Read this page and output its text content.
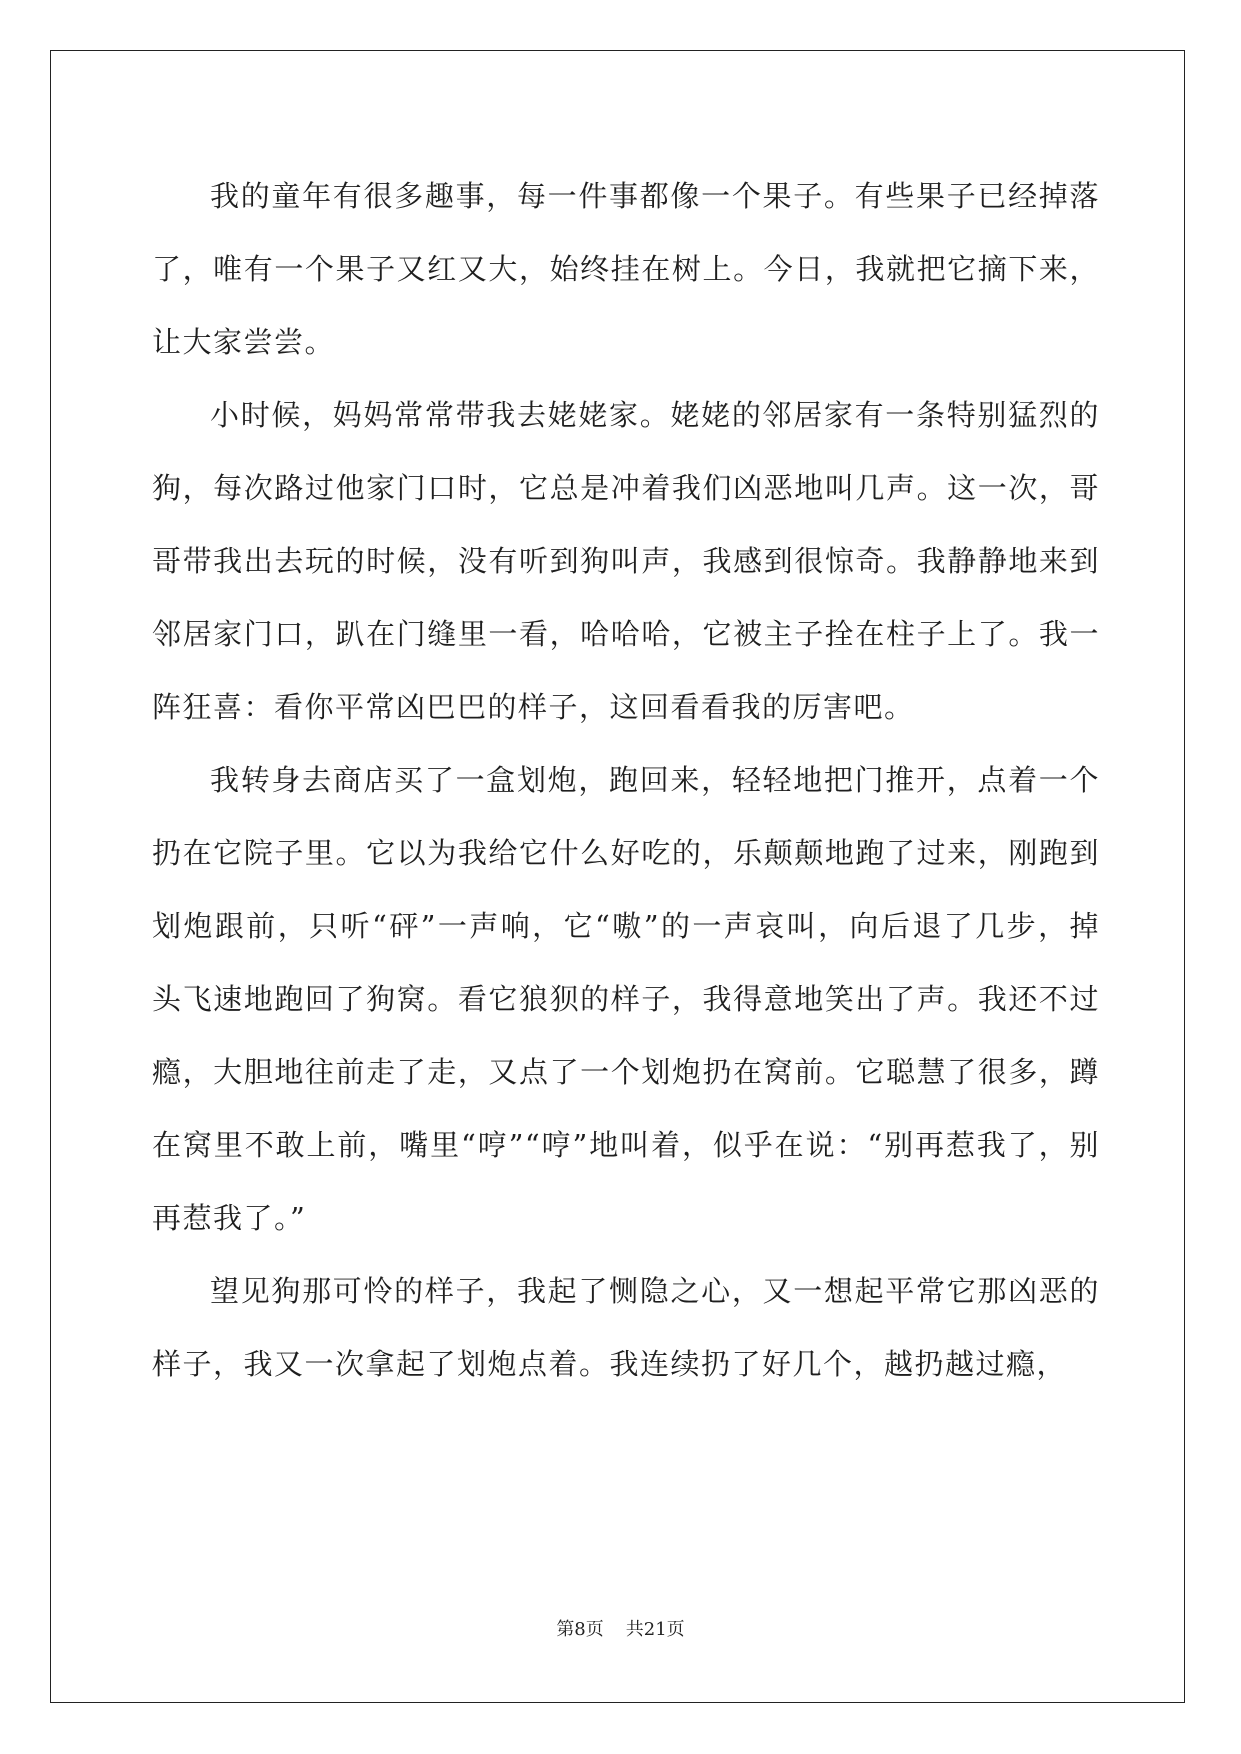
我的童年有很多趣事，每一件事都像一个果子。有些果子已经掉落了，唯有一个果子又红又大，始终挂在树上。今日，我就把它摘下来，让大家尝尝。

小时候，妈妈常常带我去姥姥家。姥姥的邻居家有一条特别猛烈的狗，每次路过他家门口时，它总是冲着我们凶恶地叫几声。这一次，哥哥带我出去玩的时候，没有听到狗叫声，我感到很惊奇。我静静地来到邻居家门口，趴在门缝里一看，哈哈哈，它被主子拴在柱子上了。我一阵狂喜：看你平常凶巴巴的样子，这回看看我的厉害吧。

我转身去商店买了一盒划炮，跑回来，轻轻地把门推开，点着一个扔在它院子里。它以为我给它什么好吃的，乐颠颠地跑了过来，刚跑到划炮跟前，只听“砰”一声响，它“嗷”的一声哀叫，向后退了几步，掉头飞速地跑回了狗窝。看它狼狈的样子，我得意地笑出了声。我还不过瘾，大胆地往前走了走，又点了一个划炮扔在窝前。它聪慧了很多，蹲在窝里不敢上前，嘴里“哼”“哼”地叫着，似乎在说：“别再惹我了，别再惹我了。”

望见狗那可怜的样子，我起了恻隐之心，又一想起平常它那凶恶的样子，我又一次拿起了划炮点着。我连续扔了好几个，越扔越过瘾，

第8页 共21页
